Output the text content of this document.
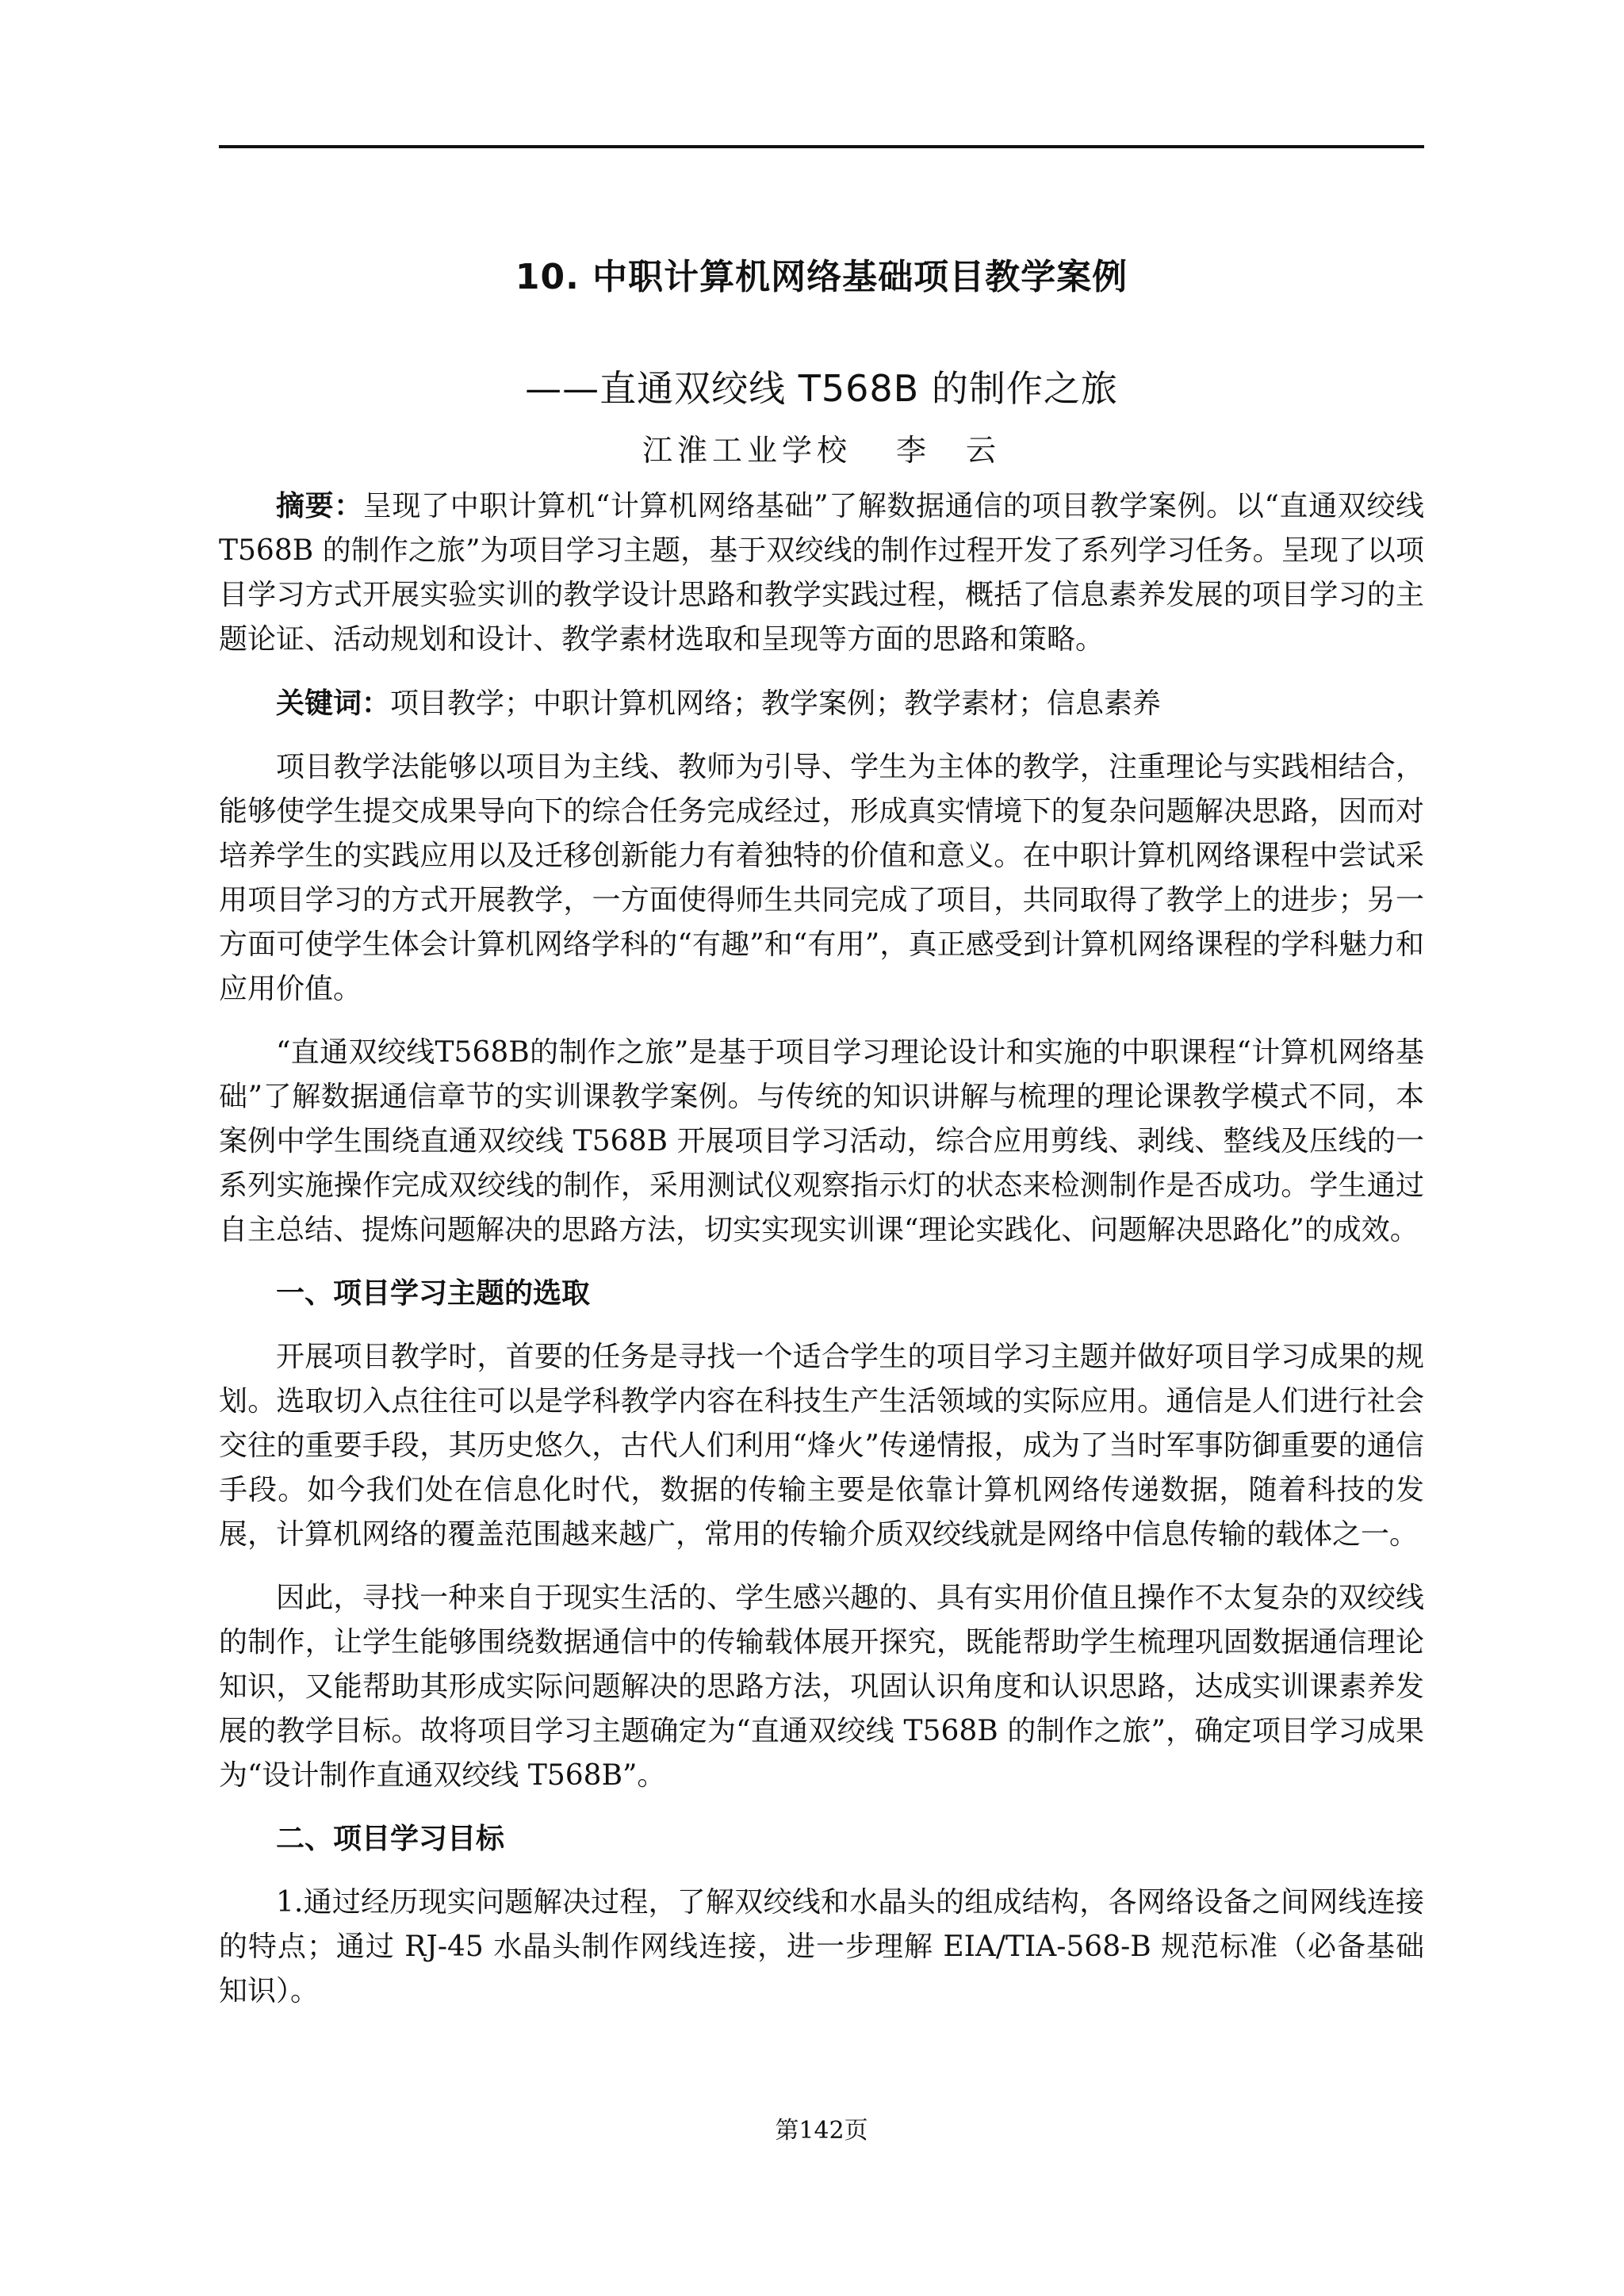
10. 中职计算机网络基础项目教学案例
——直通双绞线 T568B 的制作之旅
江淮工业学校 李　云

摘要：呈现了中职计算机“计算机网络基础”了解数据通信的项目教学案例。以“直通双绞线 T568B 的制作之旅”为项目学习主题，基于双绞线的制作过程开发了系列学习任务。呈现了以项目学习方式开展实验实训的教学设计思路和教学实践过程，概括了信息素养发展的项目学习的主题论证、活动规划和设计、教学素材选取和呈现等方面的思路和策略。

关键词：项目教学；中职计算机网络；教学案例；教学素材；信息素养

项目教学法能够以项目为主线、教师为引导、学生为主体的教学，注重理论与实践相结合，能够使学生提交成果导向下的综合任务完成经过，形成真实情境下的复杂问题解决思路，因而对培养学生的实践应用以及迁移创新能力有着独特的价值和意义。在中职计算机网络课程中尝试采用项目学习的方式开展教学，一方面使得师生共同完成了项目，共同取得了教学上的进步；另一方面可使学生体会计算机网络学科的“有趣”和“有用”，真正感受到计算机网络课程的学科魅力和应用价值。

“直通双绞线T568B的制作之旅”是基于项目学习理论设计和实施的中职课程“计算机网络基础”了解数据通信章节的实训课教学案例。与传统的知识讲解与梳理的理论课教学模式不同，本案例中学生围绕直通双绞线 T568B 开展项目学习活动，综合应用剪线、剥线、整线及压线的一系列实施操作完成双绞线的制作，采用测试仪观察指示灯的状态来检测制作是否成功。学生通过自主总结、提炼问题解决的思路方法，切实实现实训课“理论实践化、问题解决思路化”的成效。

一、项目学习主题的选取

开展项目教学时，首要的任务是寻找一个适合学生的项目学习主题并做好项目学习成果的规划。选取切入点往往可以是学科教学内容在科技生产生活领域的实际应用。通信是人们进行社会交往的重要手段，其历史悠久，古代人们利用“烽火”传递情报，成为了当时军事防御重要的通信手段。如今我们处在信息化时代，数据的传输主要是依靠计算机网络传递数据，随着科技的发展，计算机网络的覆盖范围越来越广，常用的传输介质双绞线就是网络中信息传输的载体之一。

因此，寻找一种来自于现实生活的、学生感兴趣的、具有实用价值且操作不太复杂的双绞线的制作，让学生能够围绕数据通信中的传输载体展开探究，既能帮助学生梳理巩固数据通信理论知识，又能帮助其形成实际问题解决的思路方法，巩固认识角度和认识思路，达成实训课素养发展的教学目标。故将项目学习主题确定为“直通双绞线 T568B 的制作之旅”，确定项目学习成果为“设计制作直通双绞线 T568B”。

二、项目学习目标

1.通过经历现实问题解决过程，了解双绞线和水晶头的组成结构，各网络设备之间网线连接的特点；通过 RJ-45 水晶头制作网线连接，进一步理解 EIA/TIA-568-B 规范标准（必备基础知识）。

第142页
